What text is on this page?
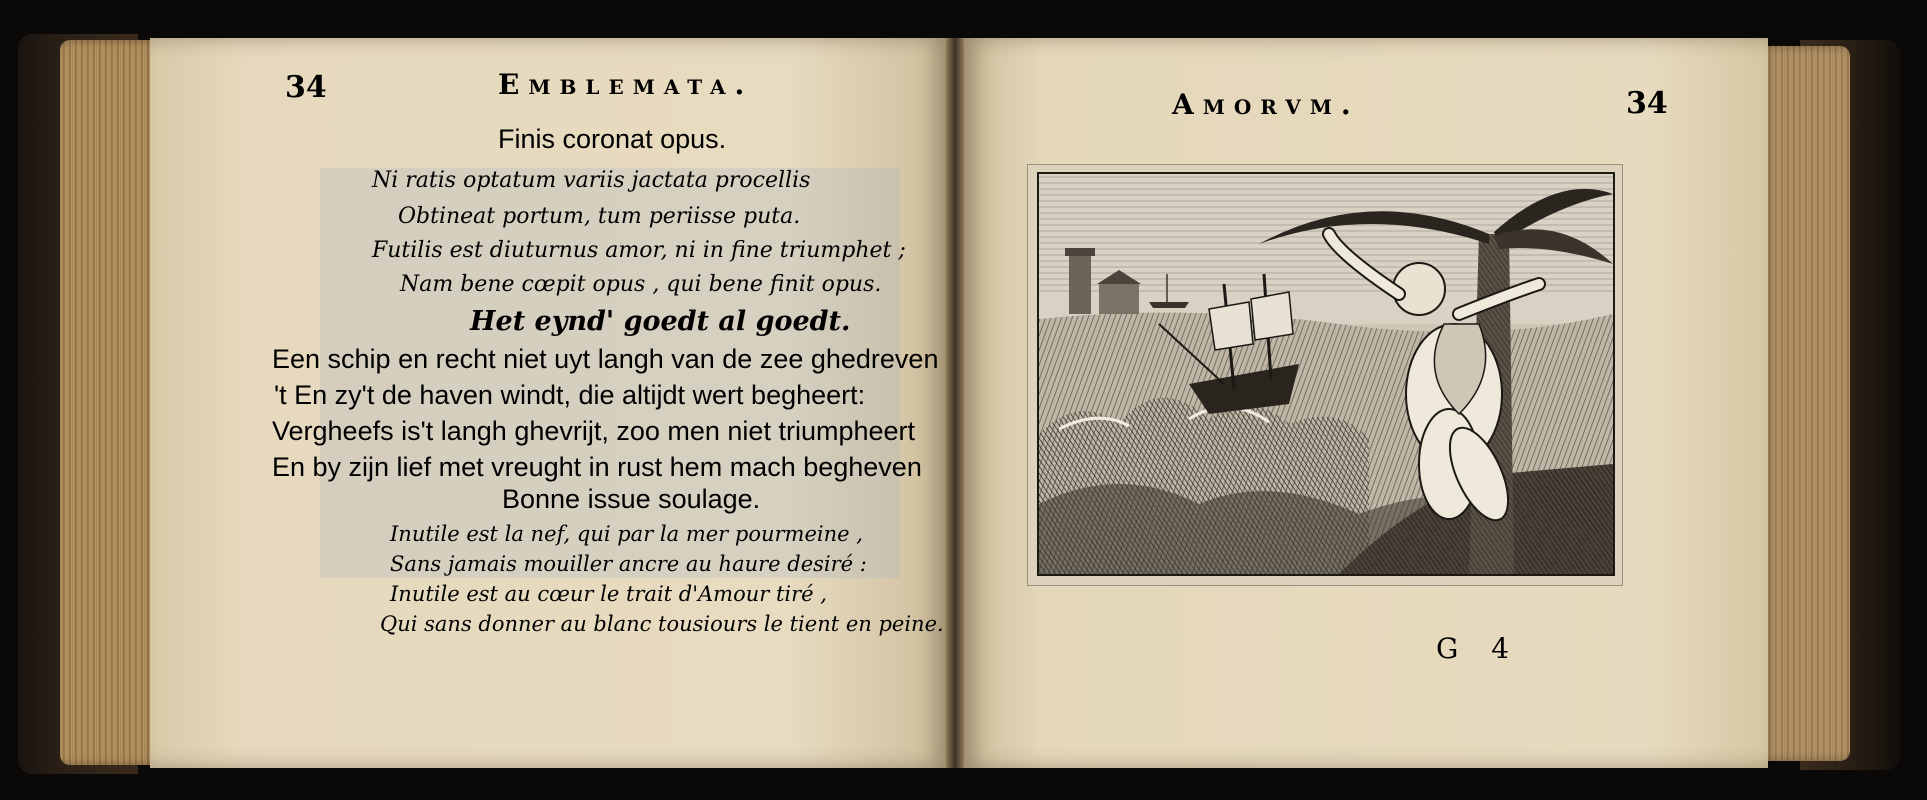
34	Emblemata.
Finis coronat opus.
Ni ratis optatum variis jactata procellis
Obtineat portum, tum periisse puta.
Futilis est diuturnus amor, ni in fine triumphet ;
Nam bene cœpit opus , qui bene finit opus.
Het eynd' goedt al goedt.
Een schip en recht niet uyt langh van de zee ghedreven
't En zy't de haven windt, die altijdt wert begheert:
Vergheefs is't langh ghevrijt, zoo men niet triumpheert
En by zijn lief met vreught in rust hem mach begheven
Bonne issue soulage.
Inutile est la nef, qui par la mer pourmeine ,
Sans jamais mouiller ancre au haure desiré :
Inutile est au cœur le trait d'Amour tiré ,
Qui sans donner au blanc tousiours le tient en peine.
Amorvm.	34
G 4
